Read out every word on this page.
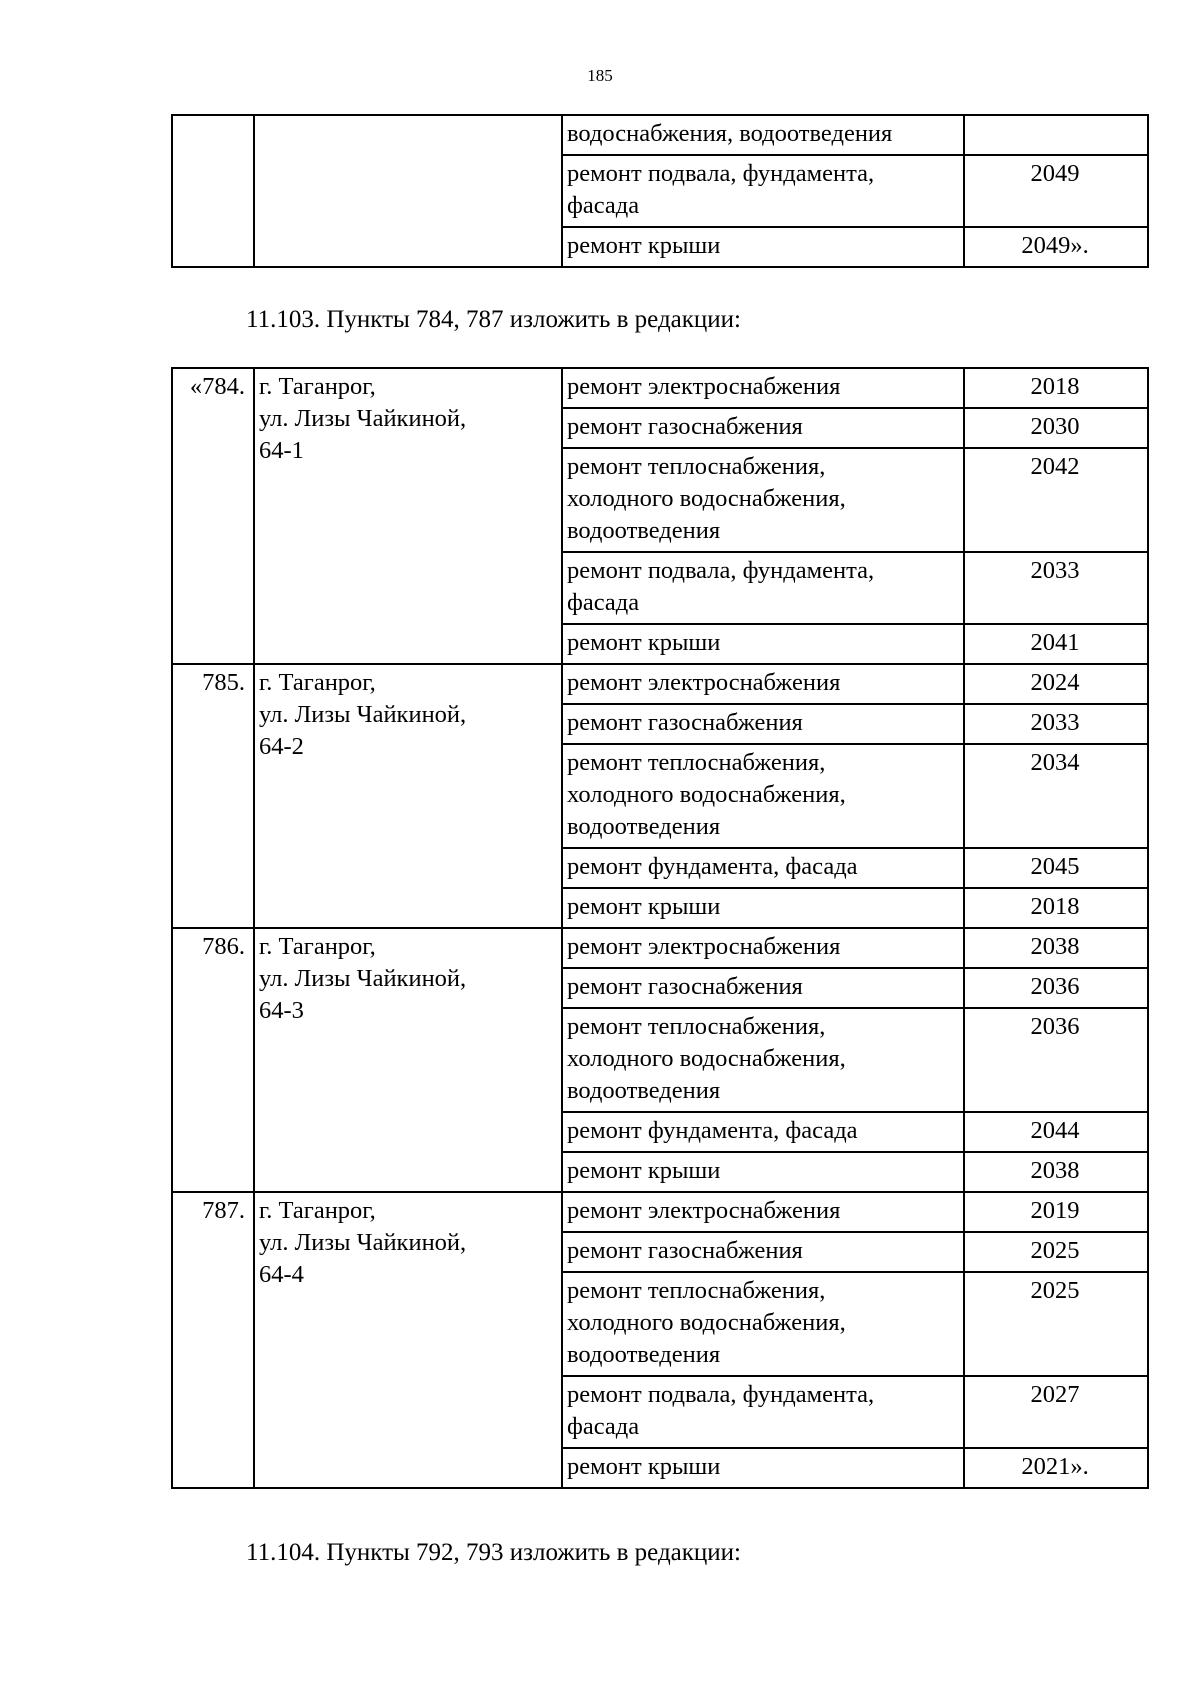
185
		водоснабжения, водоотведения	
		ремонт подвала, фундамента,
фасада	2049
		ремонт крыши	2049».
11.103. Пункты 784, 787 изложить в редакции:
«784.	г. Таганрог,
ул. Лизы Чайкиной,
64-1	ремонт электроснабжения	2018
		ремонт газоснабжения	2030
		ремонт теплоснабжения,
холодного водоснабжения,
водоотведения	2042
		ремонт подвала, фундамента,
фасада	2033
		ремонт крыши	2041
785.	г. Таганрог,
ул. Лизы Чайкиной,
64-2	ремонт электроснабжения	2024
		ремонт газоснабжения	2033
		ремонт теплоснабжения,
холодного водоснабжения,
водоотведения	2034
		ремонт фундамента, фасада	2045
		ремонт крыши	2018
786.	г. Таганрог,
ул. Лизы Чайкиной,
64-3	ремонт электроснабжения	2038
		ремонт газоснабжения	2036
		ремонт теплоснабжения,
холодного водоснабжения,
водоотведения	2036
		ремонт фундамента, фасада	2044
		ремонт крыши	2038
787.	г. Таганрог,
ул. Лизы Чайкиной,
64-4	ремонт электроснабжения	2019
		ремонт газоснабжения	2025
		ремонт теплоснабжения,
холодного водоснабжения,
водоотведения	2025
		ремонт подвала, фундамента,
фасада	2027
		ремонт крыши	2021».
11.104. Пункты 792, 793 изложить в редакции:
